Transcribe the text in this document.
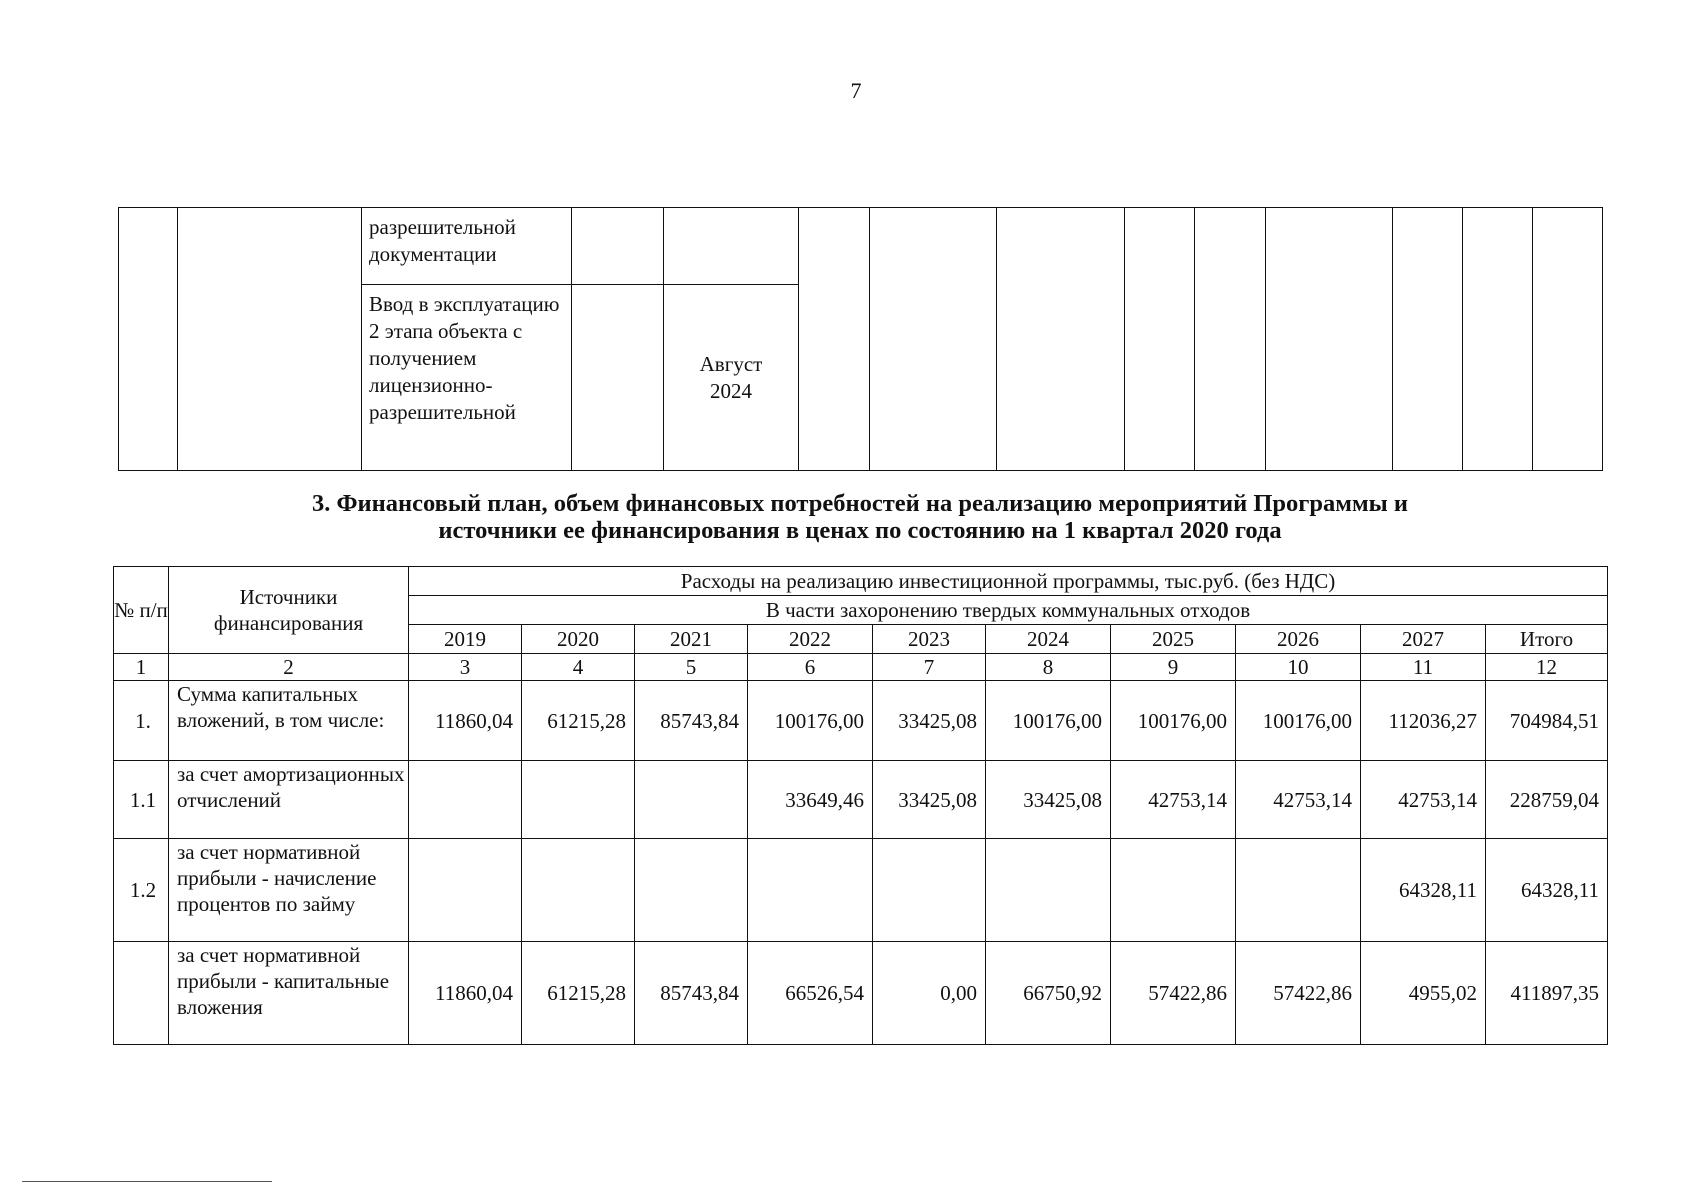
7
		разрешительной документации											
		Ввод в эксплуатацию 2 этапа объекта с получением лицензионно-разрешительной		Август
2024									
3. Финансовый план, объем финансовых потребностей на реализацию мероприятий Программы и
источники ее финансирования в ценах по состоянию на 1 квартал 2020 года
№ п/п	Источники финансирования	Расходы на реализацию инвестиционной программы, тыс.руб. (без НДС)									
		В части захоронению твердых коммунальных отходов									
		2019	2020	2021	2022	2023	2024	2025	2026	2027	Итого
1	2	3	4	5	6	7	8	9	10	11	12
1.	Сумма капитальных вложений, в том числе:	11860,04	61215,28	85743,84	100176,00	33425,08	100176,00	100176,00	100176,00	112036,27	704984,51
1.1	за счет амортизационных отчислений				33649,46	33425,08	33425,08	42753,14	42753,14	42753,14	228759,04
1.2	за счет нормативной прибыли - начисление процентов по займу									64328,11	64328,11
	за счет нормативной прибыли - капитальные вложения	11860,04	61215,28	85743,84	66526,54	0,00	66750,92	57422,86	57422,86	4955,02	411897,35
